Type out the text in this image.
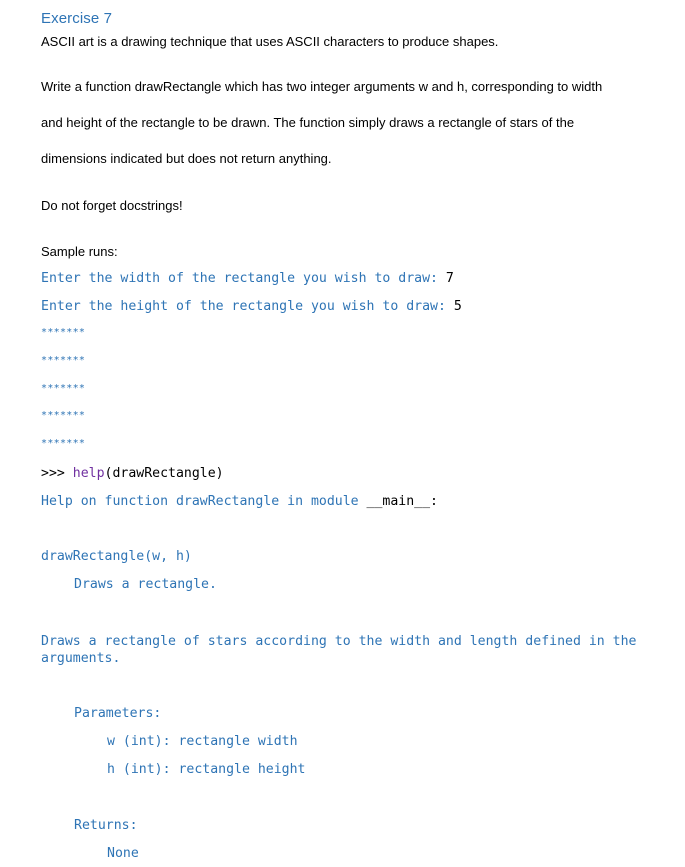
Exercise 7
ASCII art is a drawing technique that uses ASCII characters to produce shapes.
Write a function drawRectangle which has two integer arguments w and h, corresponding to width
and height of the rectangle to be drawn. The function simply draws a rectangle of stars of the
dimensions indicated but does not return anything.
Do not forget docstrings!
Sample runs:
Enter the width of the rectangle you wish to draw: 7
Enter the height of the rectangle you wish to draw: 5
*******
*******
*******
*******
*******
>>> help(drawRectangle)
Help on function drawRectangle in module __main__:
drawRectangle(w, h)
Draws a rectangle.
Draws a rectangle of stars according to the width and length defined in the arguments.
Parameters:
w (int): rectangle width
h (int): rectangle height
Returns:
None
